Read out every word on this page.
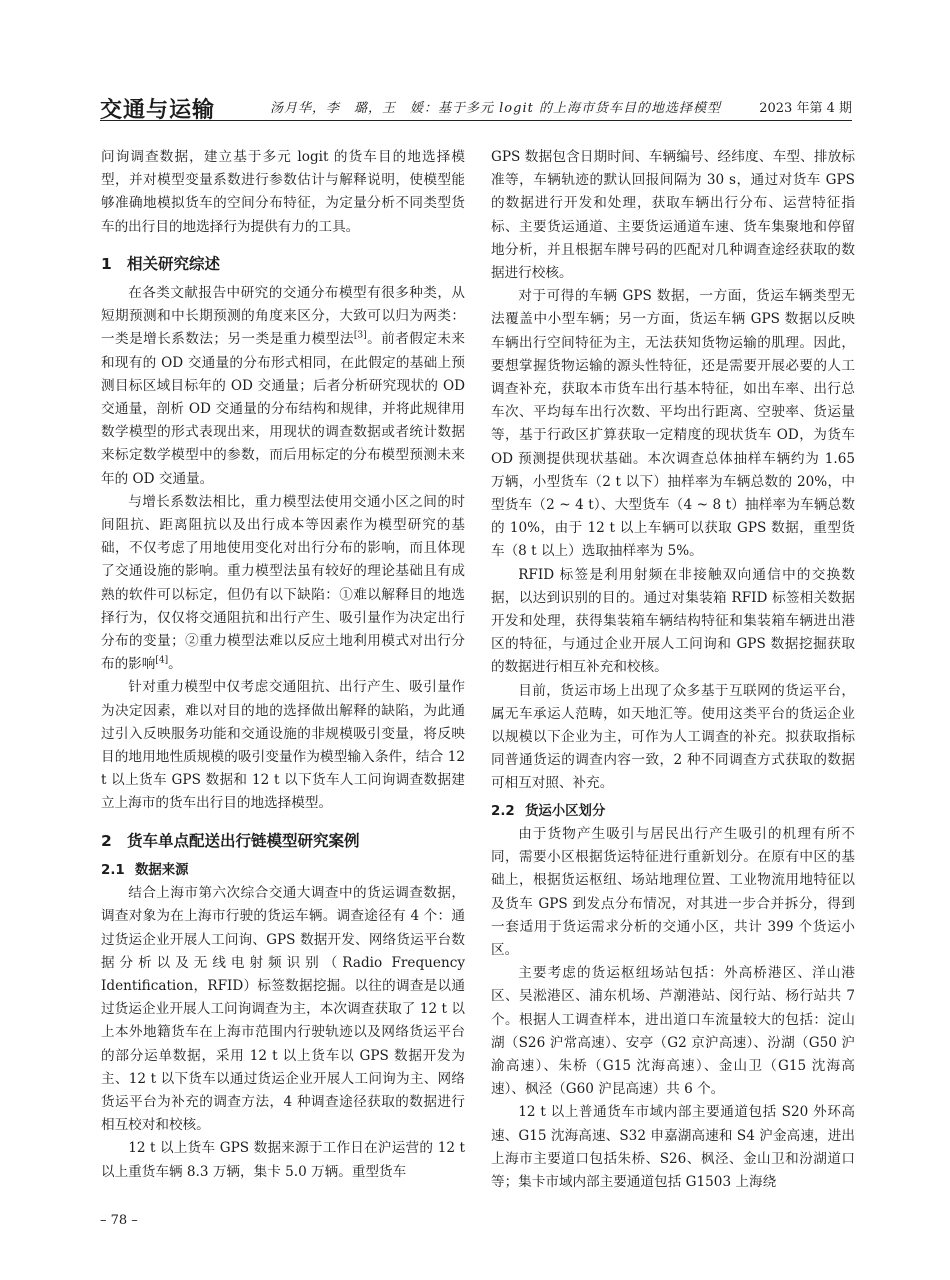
交通与运输	汤月华，李　璐，王　媛：基于多元 logit 的上海市货车目的地选择模型	2023 年第 4 期

问询调查数据，建立基于多元 logit 的货车目的地选择模型，并对模型变量系数进行参数估计与解释说明，使模型能够准确地模拟货车的空间分布特征，为定量分析不同类型货车的出行目的地选择行为提供有力的工具。

1 相关研究综述

在各类文献报告中研究的交通分布模型有很多种类，从短期预测和中长期预测的角度来区分，大致可以归为两类：一类是增长系数法；另一类是重力模型法[3]。前者假定未来和现有的 OD 交通量的分布形式相同，在此假定的基础上预测目标区域目标年的 OD 交通量；后者分析研究现状的 OD 交通量，剖析 OD 交通量的分布结构和规律，并将此规律用数学模型的形式表现出来，用现状的调查数据或者统计数据来标定数学模型中的参数，而后用标定的分布模型预测未来年的 OD 交通量。

与增长系数法相比，重力模型法使用交通小区之间的时间阻抗、距离阻抗以及出行成本等因素作为模型研究的基础，不仅考虑了用地使用变化对出行分布的影响，而且体现了交通设施的影响。重力模型法虽有较好的理论基础且有成熟的软件可以标定，但仍有以下缺陷：①难以解释目的地选择行为，仅仅将交通阻抗和出行产生、吸引量作为决定出行分布的变量；②重力模型法难以反应土地利用模式对出行分布的影响[4]。

针对重力模型中仅考虑交通阻抗、出行产生、吸引量作为决定因素，难以对目的地的选择做出解释的缺陷，为此通过引入反映服务功能和交通设施的非规模吸引变量，将反映目的地用地性质规模的吸引变量作为模型输入条件，结合 12 t 以上货车 GPS 数据和 12 t 以下货车人工问询调查数据建立上海市的货车出行目的地选择模型。

2 货车单点配送出行链模型研究案例
2.1 数据来源

结合上海市第六次综合交通大调查中的货运调查数据，调查对象为在上海市行驶的货运车辆。调查途径有 4 个：通过货运企业开展人工问询、GPS 数据开发、网络货运平台数据分析以及无线电射频识别（Radio Frequency Identification，RFID）标签数据挖掘。以往的调查是以通过货运企业开展人工问询调查为主，本次调查获取了 12 t 以上本外地籍货车在上海市范围内行驶轨迹以及网络货运平台的部分运单数据，采用 12 t 以上货车以 GPS 数据开发为主、12 t 以下货车以通过货运企业开展人工问询为主、网络货运平台为补充的调查方法，4 种调查途径获取的数据进行相互校对和校核。

12 t 以上货车 GPS 数据来源于工作日在沪运营的 12 t 以上重货车辆 8.3 万辆，集卡 5.0 万辆。重型货车

GPS 数据包含日期时间、车辆编号、经纬度、车型、排放标准等，车辆轨迹的默认回报间隔为 30 s，通过对货车 GPS 的数据进行开发和处理，获取车辆出行分布、运营特征指标、主要货运通道、主要货运通道车速、货车集聚地和停留地分析，并且根据车牌号码的匹配对几种调查途经获取的数据进行校核。

对于可得的车辆 GPS 数据，一方面，货运车辆类型无法覆盖中小型车辆；另一方面，货运车辆 GPS 数据以反映车辆出行空间特征为主，无法获知货物运输的肌理。因此，要想掌握货物运输的源头性特征，还是需要开展必要的人工调查补充，获取本市货车出行基本特征，如出车率、出行总车次、平均每车出行次数、平均出行距离、空驶率、货运量等，基于行政区扩算获取一定精度的现状货车 OD，为货车 OD 预测提供现状基础。本次调查总体抽样车辆约为 1.65 万辆，小型货车（2 t 以下）抽样率为车辆总数的 20%，中型货车（2 ~ 4 t）、大型货车（4 ~ 8 t）抽样率为车辆总数的 10%，由于 12 t 以上车辆可以获取 GPS 数据，重型货车（8 t 以上）选取抽样率为 5%。

RFID 标签是利用射频在非接触双向通信中的交换数据，以达到识别的目的。通过对集装箱 RFID 标签相关数据开发和处理，获得集装箱车辆结构特征和集装箱车辆进出港区的特征，与通过企业开展人工问询和 GPS 数据挖掘获取的数据进行相互补充和校核。

目前，货运市场上出现了众多基于互联网的货运平台，属无车承运人范畴，如天地汇等。使用这类平台的货运企业以规模以下企业为主，可作为人工调查的补充。拟获取指标同普通货运的调查内容一致，2 种不同调查方式获取的数据可相互对照、补充。

2.2 货运小区划分

由于货物产生吸引与居民出行产生吸引的机理有所不同，需要小区根据货运特征进行重新划分。在原有中区的基础上，根据货运枢纽、场站地理位置、工业物流用地特征以及货车 GPS 到发点分布情况，对其进一步合并拆分，得到一套适用于货运需求分析的交通小区，共计 399 个货运小区。

主要考虑的货运枢纽场站包括：外高桥港区、洋山港区、吴淞港区、浦东机场、芦潮港站、闵行站、杨行站共 7 个。根据人工调查样本，进出道口车流量较大的包括：淀山湖（S26 沪常高速）、安亭（G2 京沪高速）、汾湖（G50 沪渝高速）、朱桥（G15 沈海高速）、金山卫（G15 沈海高速）、枫泾（G60 沪昆高速）共 6 个。

12 t 以上普通货车市域内部主要通道包括 S20 外环高速、G15 沈海高速、S32 申嘉湖高速和 S4 沪金高速，进出上海市主要道口包括朱桥、S26、枫泾、金山卫和汾湖道口等；集卡市域内部主要通道包括 G1503 上海绕

– 78 –
